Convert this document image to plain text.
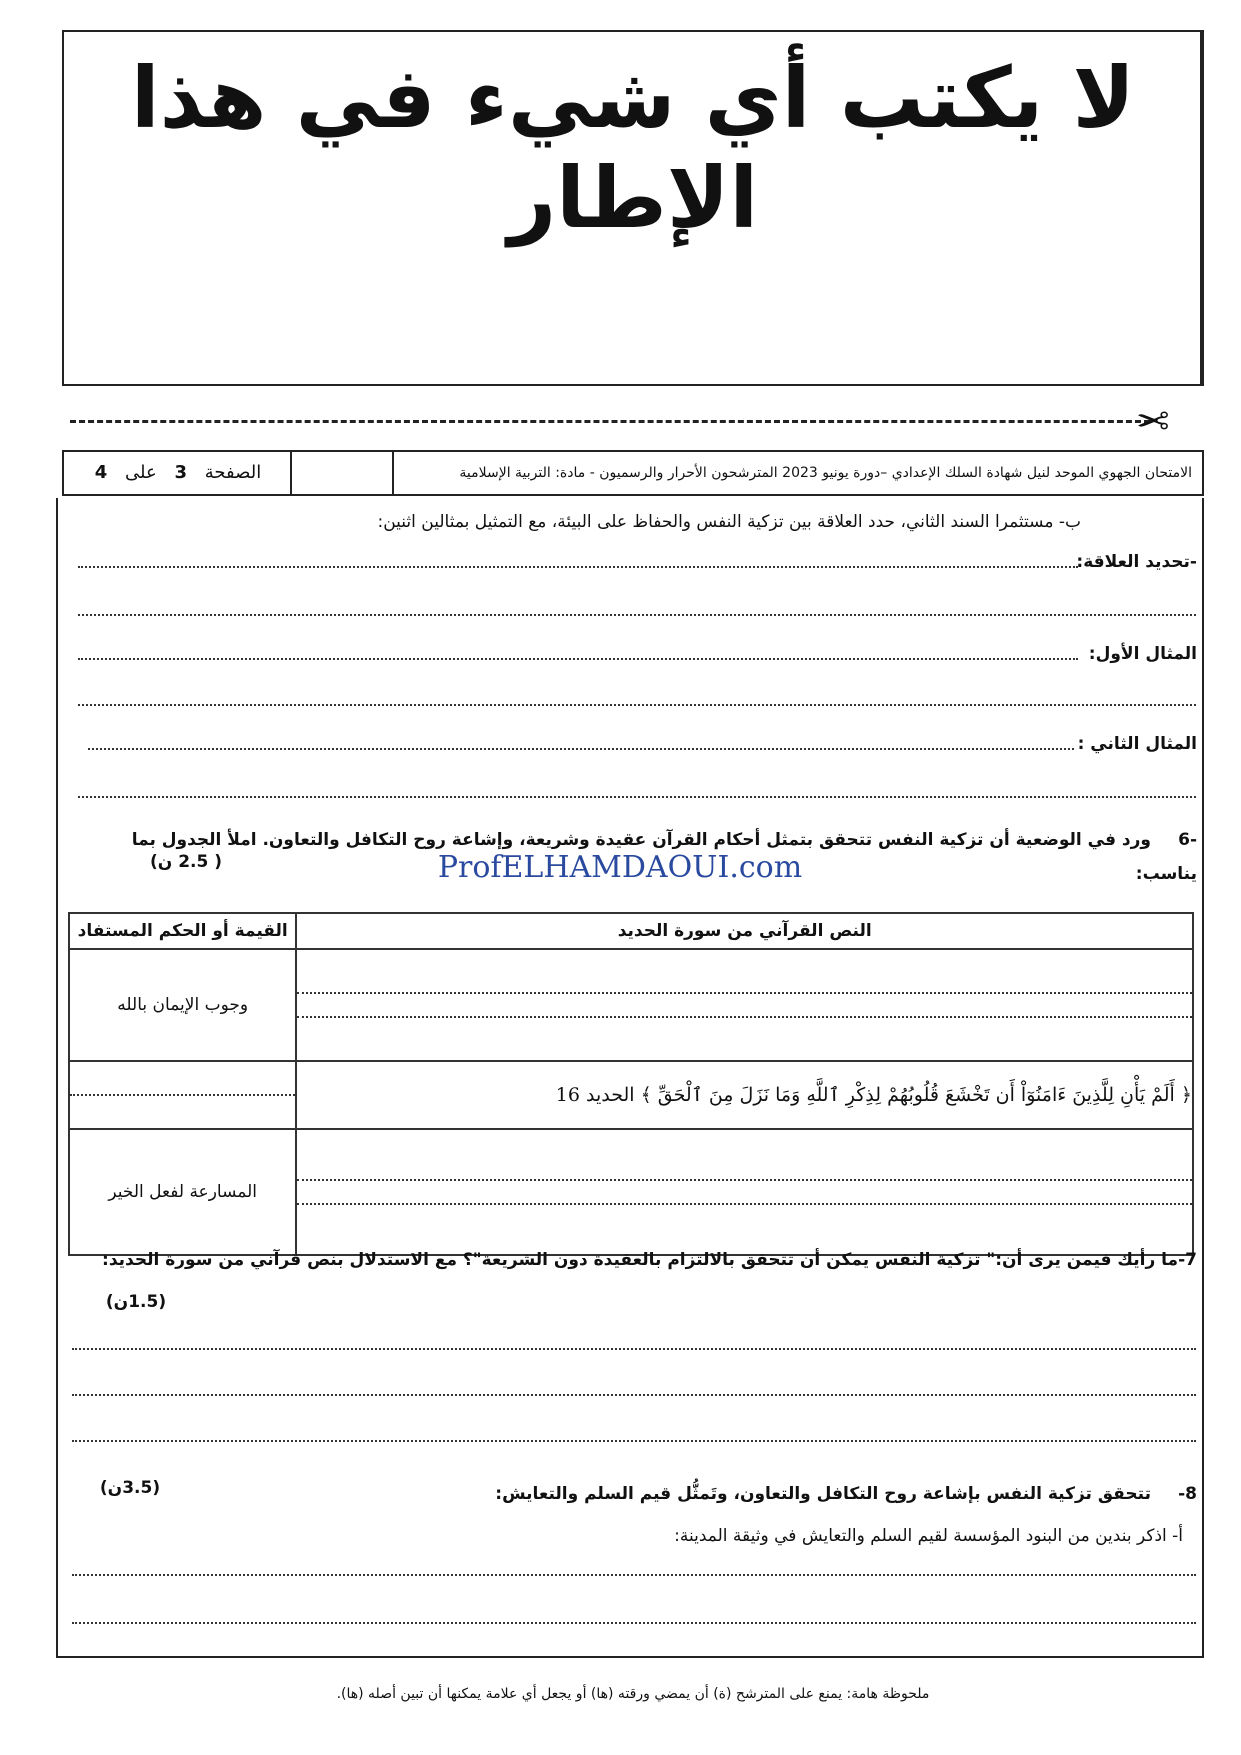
لا يكتب أي شيء في هذا الإطار
✂
الامتحان الجهوي الموحد لنيل شهادة السلك الإعدادي –دورة يونيو 2023 المترشحون الأحرار والرسميون - مادة: التربية الإسلامية
الصفحة 3 على 4
ب- مستثمرا السند الثاني، حدد العلاقة بين تزكية النفس والحفاظ على البيئة، مع التمثيل بمثالين اثنين:
-تحديد العلاقة:
المثال الأول:
المثال الثاني :
-6
ورد في الوضعية أن تزكية النفس تتحقق بتمثل أحكام القرآن عقيدة وشريعة، وإشاعة روح التكافل والتعاون. املأ الجدول بما
يناسب:
( 2.5 ن)	ProfELHAMDAOUI.com
النص القرآني من سورة الحديد	القيمة أو الحكم المستفاد

	وجوب الإيمان بالله
﴿ أَلَمْ يَأْنِ لِلَّذِينَ ءَامَنُوٓاْ أَن تَخْشَعَ قُلُوبُهُمْ لِذِكْرِ ٱللَّهِ وَمَا نَزَلَ مِنَ ٱلْحَقِّ ﴾ الحديد 16	

	المسارعة لفعل الخير
7-ما رأيك فيمن يرى أن:" تزكية النفس يمكن أن تتحقق بالالتزام بالعقيدة دون الشريعة"؟ مع الاستدلال بنص قرآني من سورة الحديد:
(1.5ن)
8-
تتحقق تزكية النفس بإشاعة روح التكافل والتعاون، وتَمثُّل قيم السلم والتعايش:
(3.5ن)
أ- اذكر بندين من البنود المؤسسة لقيم السلم والتعايش في وثيقة المدينة:
ملحوظة هامة: يمنع على المترشح (ة) أن يمضي ورقته (ها) أو يجعل أي علامة يمكنها أن تبين أصله (ها).
